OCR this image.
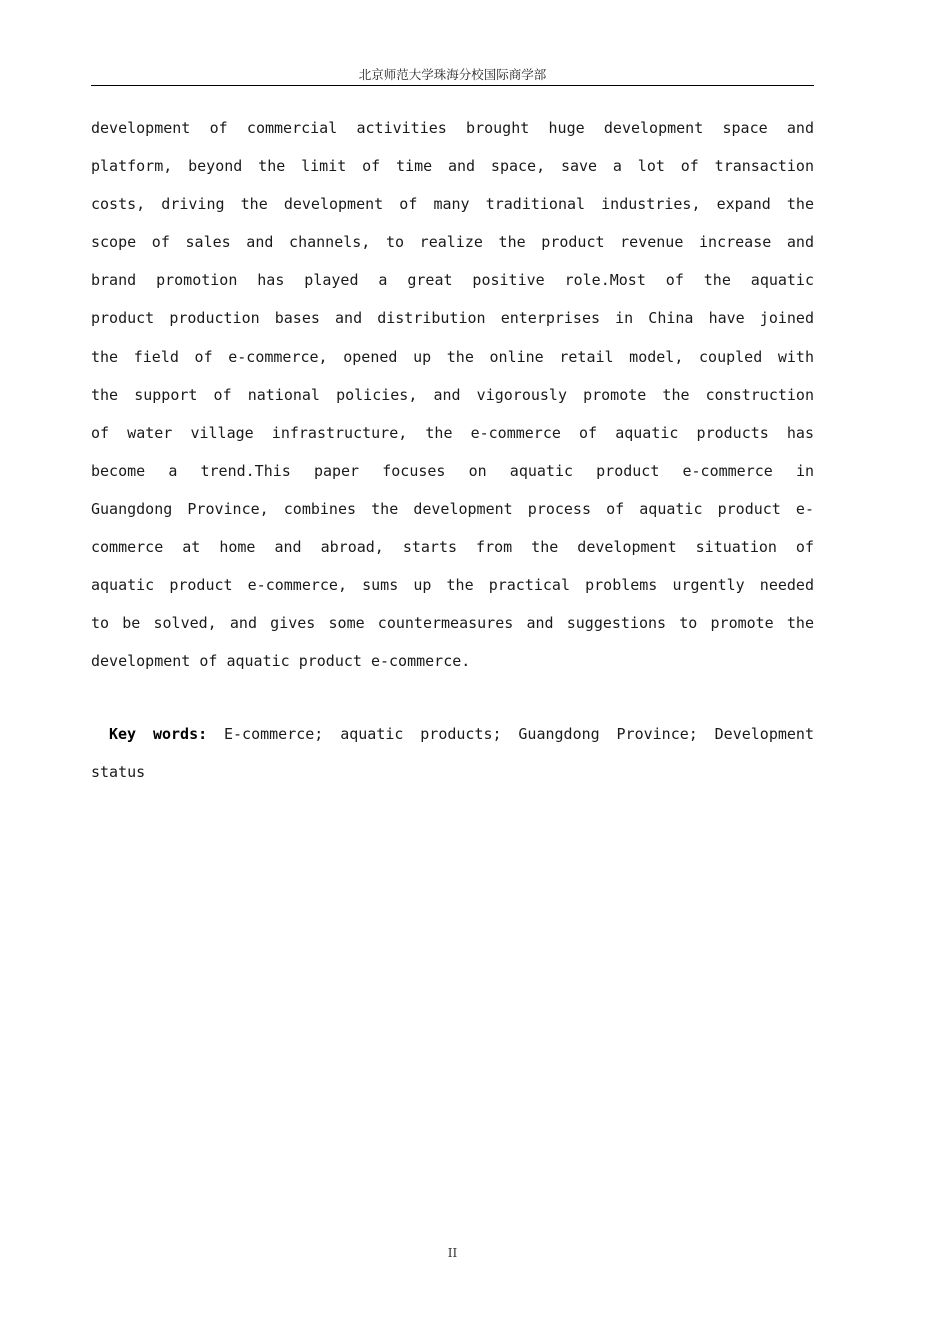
北京师范大学珠海分校国际商学部
development of commercial activities brought huge development space and
platform, beyond the limit of time and space, save a lot of transaction
costs, driving the development of many traditional industries, expand the
scope of sales and channels, to realize the product revenue increase and
brand promotion has played a great positive role.Most of the aquatic
product production bases and distribution enterprises in China have joined
the field of e-commerce, opened up the online retail model, coupled with
the support of national policies, and vigorously promote the construction
of water village infrastructure, the e-commerce of aquatic products has
become a trend.This paper focuses on aquatic product e-commerce in
Guangdong Province, combines the development process of aquatic product e-
commerce at home and abroad, starts from the development situation of
aquatic product e-commerce, sums up the practical problems urgently needed
to be solved, and gives some countermeasures and suggestions to promote the
development of aquatic product e-commerce.
Key words: E-commerce; aquatic products; Guangdong Province; Development
status
II
